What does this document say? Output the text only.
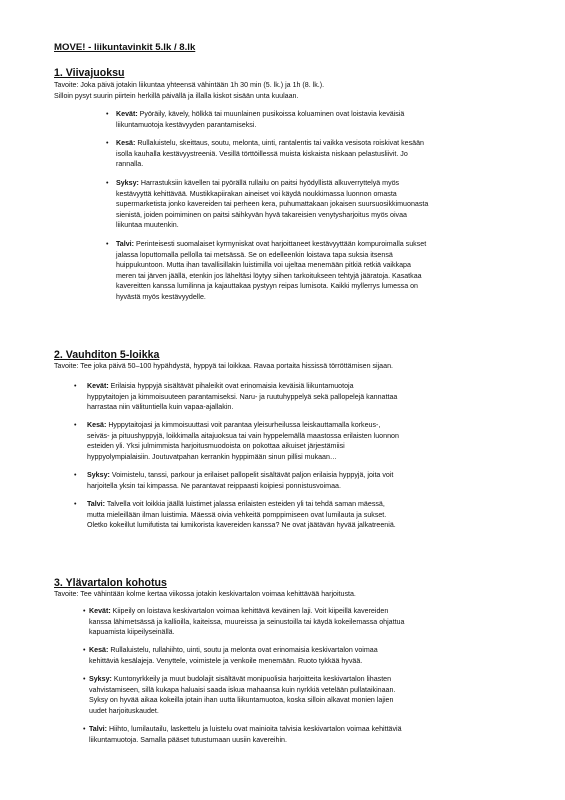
MOVE! - liikuntavinkit 5.lk / 8.lk
1. Viivajuoksu
Tavoite: Joka päivä jotakin liikuntaa yhteensä vähintään 1h 30 min (5. lk.) ja 1h (8. lk.).
Silloin pysyt suurin piirtein herkillä päivällä ja illalla kiskot sisään unta kuulaan.
• Kevät: Pyöräily, kävely, hölkkä tai muunlainen pusikoissa koluaminen ovat loistavia keväisiä
liikuntamuotoja kestävyyden parantamiseksi.
• Kesä: Rullaluistelu, skeittaus, soutu, melonta, uinti, rantalentis tai vaikka vesisota roiskivat kesään
isolla kauhalla kestävyystreeniä. Vesillä törttöillessä muista kiskaista niskaan pelastusliivit. Jo
rannalla.
• Syksy: Harrastuksiin kävellen tai pyörällä rullailu on paitsi hyödyllistä alkuverryttelyä myös
kestävyyttä kehittävää. Mustikkapiirakan aineiset voi käydä noukkimassa luonnon omasta
supermarketista jonko kavereiden tai perheen kera, puhumattakaan jokaisen suursuosikkimuonasta
sienistä, joiden poimiminen on paitsi säihkyvän hyvä takareisien venytysharjoitus myös oivaa
liikuntaa muutenkin.
• Talvi: Perinteisesti suomalaiset kyrmyniskat ovat harjoittaneet kestävyyttään kompuroimalla sukset
jalassa loputtomalla pellolla tai metsässä. Se on edelleenkin loistava tapa suksia itsensä
huippukuntoon. Mutta ihan tavallisillakin luistimilla voi ujeltaa menemään pitkiä retkiä vaikkapa
meren tai järven jäällä, etenkin jos läheltäsi löytyy siihen tarkoitukseen tehtyjä jääratoja. Kasatkaa
kavereitten kanssa lumilinna ja kajauttakaa pystyyn reipas lumisota. Kaikki myllerrys lumessa on
hyvästä myös kestävyydelle.
2. Vauhditon 5-loikka
Tavoite: Tee joka päivä 50–100 hypähdystä, hyppyä tai loikkaa. Ravaa portaita hississä törröttämisen sijaan.
• Kevät: Erilaisia hyppyjä sisältävät pihaleikit ovat erinomaisia keväisiä liikuntamuotoja
hyppytaitojen ja kimmoisuuteen parantamiseksi. Naru- ja ruutuhyppelyä sekä pallopelejä kannattaa
harrastaa niin välituntiella kuin vapaa-ajallakin.
• Kesä: Hyppytaitojasi ja kimmoisuuttasi voit parantaa yleisurheilussa leiskauttamalla korkeus-,
seiväs- ja pituushyppyjä, loikkimalla aitajuoksua tai vain hyppelemällä maastossa erilaisten luonnon
esteiden yli. Yksi julmimmista harjoitusmuodoista on pokottaa aikuiset järjestämiisi
hyppyolympialaisiin. Joutuvatpahan kerrankin hyppimään sinun pillisi mukaan…
• Syksy: Voimistelu, tanssi, parkour ja erilaiset pallopelit sisältävät paljon erilaisia hyppyjä, joita voit
harjoitella yksin tai kimpassa. Ne parantavat reippaasti koipiesi ponnistusvoimaa.
• Talvi: Talvella voit loikkia jäällä luistimet jalassa erilaisten esteiden yli tai tehdä saman mäessä,
mutta mieleillään ilman luistimia. Mäessä oivia vehkeitä pomppimiseen ovat lumilauta ja sukset.
Oletko kokeillut lumifutista tai lumikorista kavereiden kanssa? Ne ovat jäätävän hyvää jalkatreeniä.
3. Ylävartalon kohotus
Tavoite: Tee vähintään kolme kertaa viikossa jotakin keskivartalon voimaa kehittävää harjoitusta.
• Kevät: Kiipeily on loistava keskivartalon voimaa kehittävä keväinen laji. Voit kiipeillä kavereiden
kanssa lähimetsässä ja kallioilla, kaiteissa, muureissa ja seinustoilla tai käydä kokeilemassa ohjattua
kapuamista kiipeilyseinällä.
• Kesä: Rullaluistelu, rullahiihto, uinti, soutu ja melonta ovat erinomaisia keskivartalon voimaa
kehittäviä kesälajeja. Venyttele, voimistele ja venkoile menemään. Ruoto tykkää hyvää.
• Syksy: Kuntonyrkkeily ja muut budolajit sisältävät monipuolisia harjoitteita keskivartalon lihasten
vahvistamiseen, sillä kukapa haluaisi saada iskua mahaansa kuin nyrkkiä vetelään pullataikinaan.
Syksy on hyvää aikaa kokeilla jotain ihan uutta liikuntamuotoa, koska silloin alkavat monien lajien
uudet harjoituskaudet.
• Talvi: Hiihto, lumilautailu, laskettelu ja luistelu ovat mainioita talvisia keskivartalon voimaa kehittäviä
liikuntamuotoja. Samalla pääset tutustumaan uusiin kavereihin.
